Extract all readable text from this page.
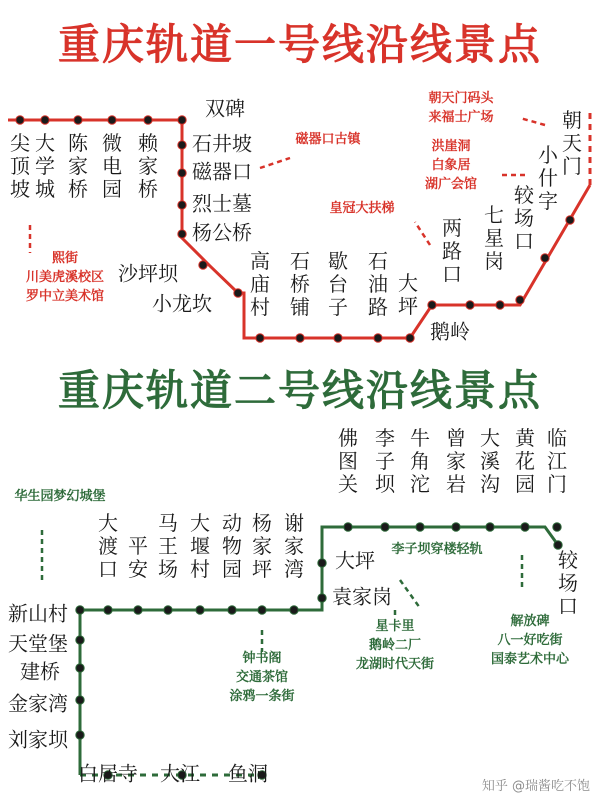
重庆轨道一号线沿线景点
重庆轨道二号线沿线景点
尖顶坡
大学城
陈家桥
微电园
赖家桥
双碑
石井坡
磁器口
烈士墓
杨公桥
沙坪坝
小龙坎
高庙村
石桥铺
歇台子
石油路
大坪
鹅岭
两路口
七星岗
较场口
小什字
朝天门
新山村
天堂堡
建桥
金家湾
刘家坝
白居寺 大江 鱼洞
大渡口
平安
马王场
大堰村
动物园
杨家坪
谢家湾 大坪
袁家岗
佛图关
李子坝
牛角沱
曾家岩
大溪沟
黄花园
临江门
较场口
熙街
川美虎溪校区
罗中立美术馆
磁器口古镇
皇冠大扶梯
洪崖洞
白象居
湖广会馆
朝天门码头
来福士广场
华生园梦幻城堡
钟书阁
交通茶馆
涂鸦一条街
李子坝穿楼轻轨
星卡里
鹅岭二厂
龙湖时代天街
解放碑
八一好吃街
国泰艺术中心
知乎 @瑞酱吃不饱
